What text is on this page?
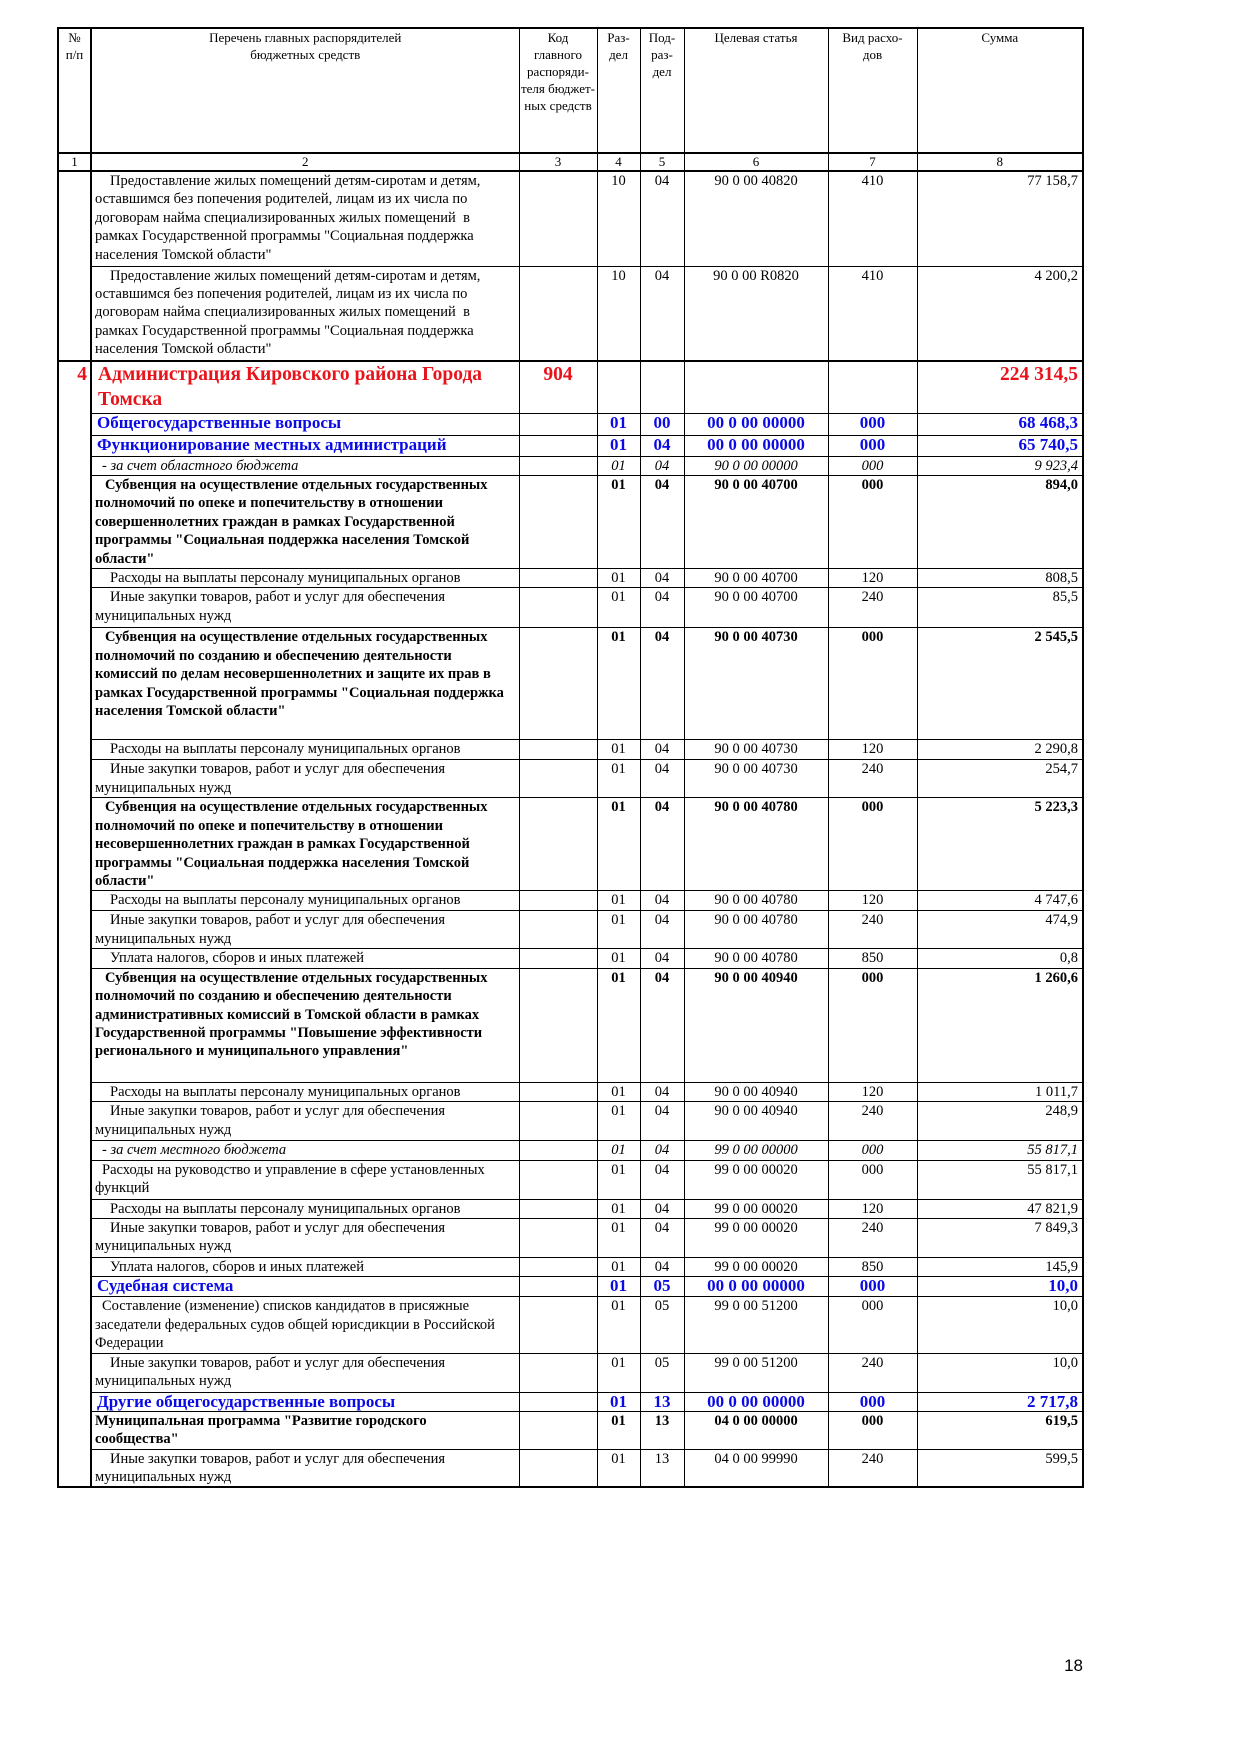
№
п/п	Перечень главных распорядителей
бюджетных средств	Код
главного
распоряди-
теля бюджет-
ных средств	Раз-
дел	Под-
раз-
дел	Целевая статья	Вид расхо-
дов	Сумма
1	2	3	4	5	6	7	8
	Предоставление жилых помещений детям-сиротам и детям,
оставшимся без попечения родителей, лицам из их числа по
договорам найма специализированных жилых помещений  в
рамках Государственной программы "Социальная поддержка
населения Томской области"		10	04	90 0 00 40820	410	77 158,7
	Предоставление жилых помещений детям-сиротам и детям,
оставшимся без попечения родителей, лицам из их числа по
договорам найма специализированных жилых помещений  в
рамках Государственной программы "Социальная поддержка
населения Томской области"		10	04	90 0 00 R0820	410	4 200,2
4	Администрация Кировского района Города
Томска	904					224 314,5
	Общегосударственные вопросы		01	00	00 0 00 00000	000	68 468,3
	Функционирование местных администраций		01	04	00 0 00 00000	000	65 740,5
	- за счет областного бюджета		01	04	90 0 00 00000	000	9 923,4
	Субвенция на осуществление отдельных государственных
полномочий по опеке и попечительству в отношении
совершеннолетних граждан в рамках Государственной
программы "Социальная поддержка населения Томской
области"		01	04	90 0 00 40700	000	894,0
	Расходы на выплаты персоналу муниципальных органов		01	04	90 0 00 40700	120	808,5
	Иные закупки товаров, работ и услуг для обеспечения
муниципальных нужд		01	04	90 0 00 40700	240	85,5
	Субвенция на осуществление отдельных государственных
полномочий по созданию и обеспечению деятельности
комиссий по делам несовершеннолетних и защите их прав в
рамках Государственной программы "Социальная поддержка
населения Томской области"		01	04	90 0 00 40730	000	2 545,5
	Расходы на выплаты персоналу муниципальных органов		01	04	90 0 00 40730	120	2 290,8
	Иные закупки товаров, работ и услуг для обеспечения
муниципальных нужд		01	04	90 0 00 40730	240	254,7
	Субвенция на осуществление отдельных государственных
полномочий по опеке и попечительству в отношении
несовершеннолетних граждан в рамках Государственной
программы "Социальная поддержка населения Томской
области"		01	04	90 0 00 40780	000	5 223,3
	Расходы на выплаты персоналу муниципальных органов		01	04	90 0 00 40780	120	4 747,6
	Иные закупки товаров, работ и услуг для обеспечения
муниципальных нужд		01	04	90 0 00 40780	240	474,9
	Уплата налогов, сборов и иных платежей		01	04	90 0 00 40780	850	0,8
	Субвенция на осуществление отдельных государственных
полномочий по созданию и обеспечению деятельности
административных комиссий в Томской области в рамках
Государственной программы "Повышение эффективности
регионального и муниципального управления"		01	04	90 0 00 40940	000	1 260,6
	Расходы на выплаты персоналу муниципальных органов		01	04	90 0 00 40940	120	1 011,7
	Иные закупки товаров, работ и услуг для обеспечения
муниципальных нужд		01	04	90 0 00 40940	240	248,9
	- за счет местного бюджета		01	04	99 0 00 00000	000	55 817,1
	Расходы на руководство и управление в сфере установленных
функций		01	04	99 0 00 00020	000	55 817,1
	Расходы на выплаты персоналу муниципальных органов		01	04	99 0 00 00020	120	47 821,9
	Иные закупки товаров, работ и услуг для обеспечения
муниципальных нужд		01	04	99 0 00 00020	240	7 849,3
	Уплата налогов, сборов и иных платежей		01	04	99 0 00 00020	850	145,9
	Судебная система		01	05	00 0 00 00000	000	10,0
	Составление (изменение) списков кандидатов в присяжные
заседатели федеральных судов общей юрисдикции в Российской
Федерации		01	05	99 0 00 51200	000	10,0
	Иные закупки товаров, работ и услуг для обеспечения
муниципальных нужд		01	05	99 0 00 51200	240	10,0
	Другие общегосударственные вопросы		01	13	00 0 00 00000	000	2 717,8
	Муниципальная программа "Развитие городского
сообщества"		01	13	04 0 00 00000	000	619,5
	Иные закупки товаров, работ и услуг для обеспечения
муниципальных нужд		01	13	04 0 00 99990	240	599,5
18
